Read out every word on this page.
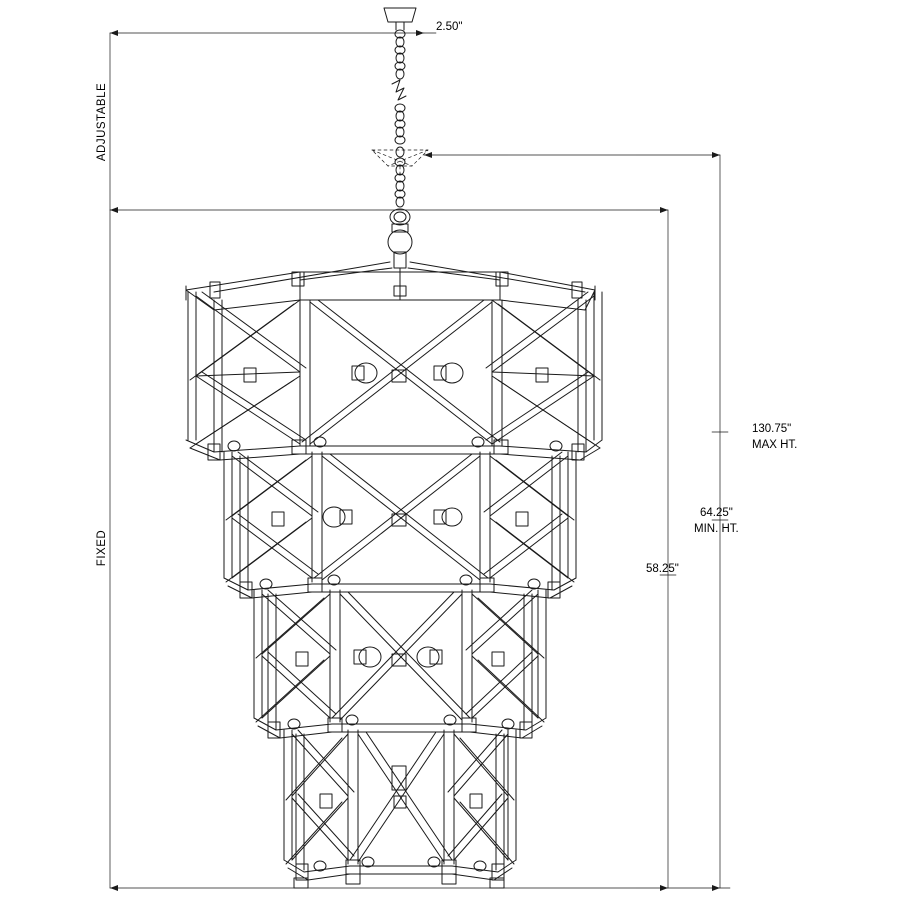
2.50"
130.75"
MAX HT.
64.25"
MIN. HT.
58.25"
ADJUSTABLE
FIXED
